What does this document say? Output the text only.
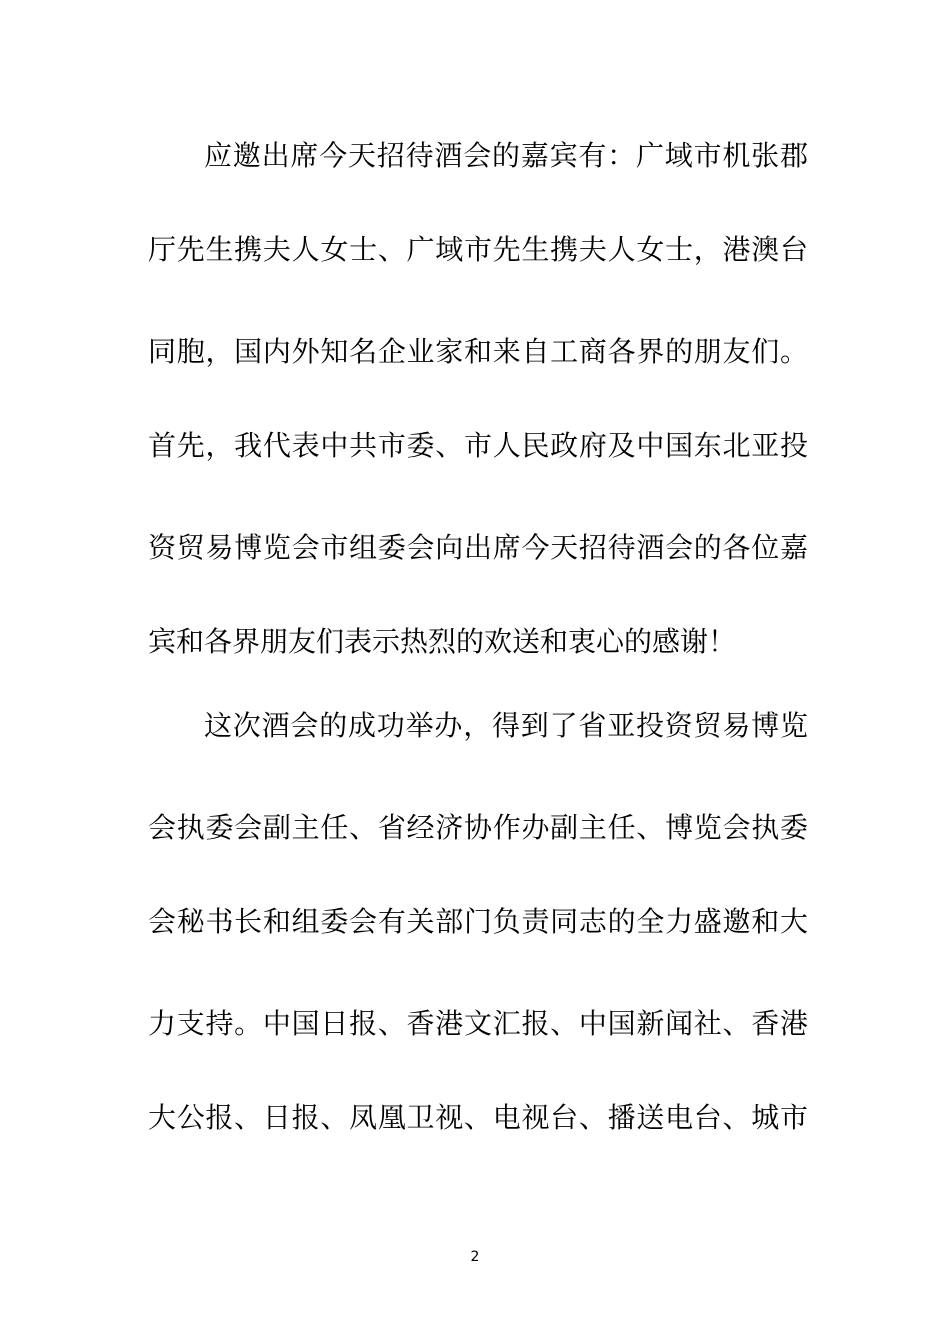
应邀出席今天招待酒会的嘉宾有：广域市机张郡
厅先生携夫人女士、广域市先生携夫人女士，港澳台
同胞，国内外知名企业家和来自工商各界的朋友们。
首先，我代表中共市委、市人民政府及中国东北亚投
资贸易博览会市组委会向出席今天招待酒会的各位嘉
宾和各界朋友们表示热烈的欢送和衷心的感谢！
这次酒会的成功举办，得到了省亚投资贸易博览
会执委会副主任、省经济协作办副主任、博览会执委
会秘书长和组委会有关部门负责同志的全力盛邀和大
力支持。中国日报、香港文汇报、中国新闻社、香港
大公报、日报、凤凰卫视、电视台、播送电台、城市
2
